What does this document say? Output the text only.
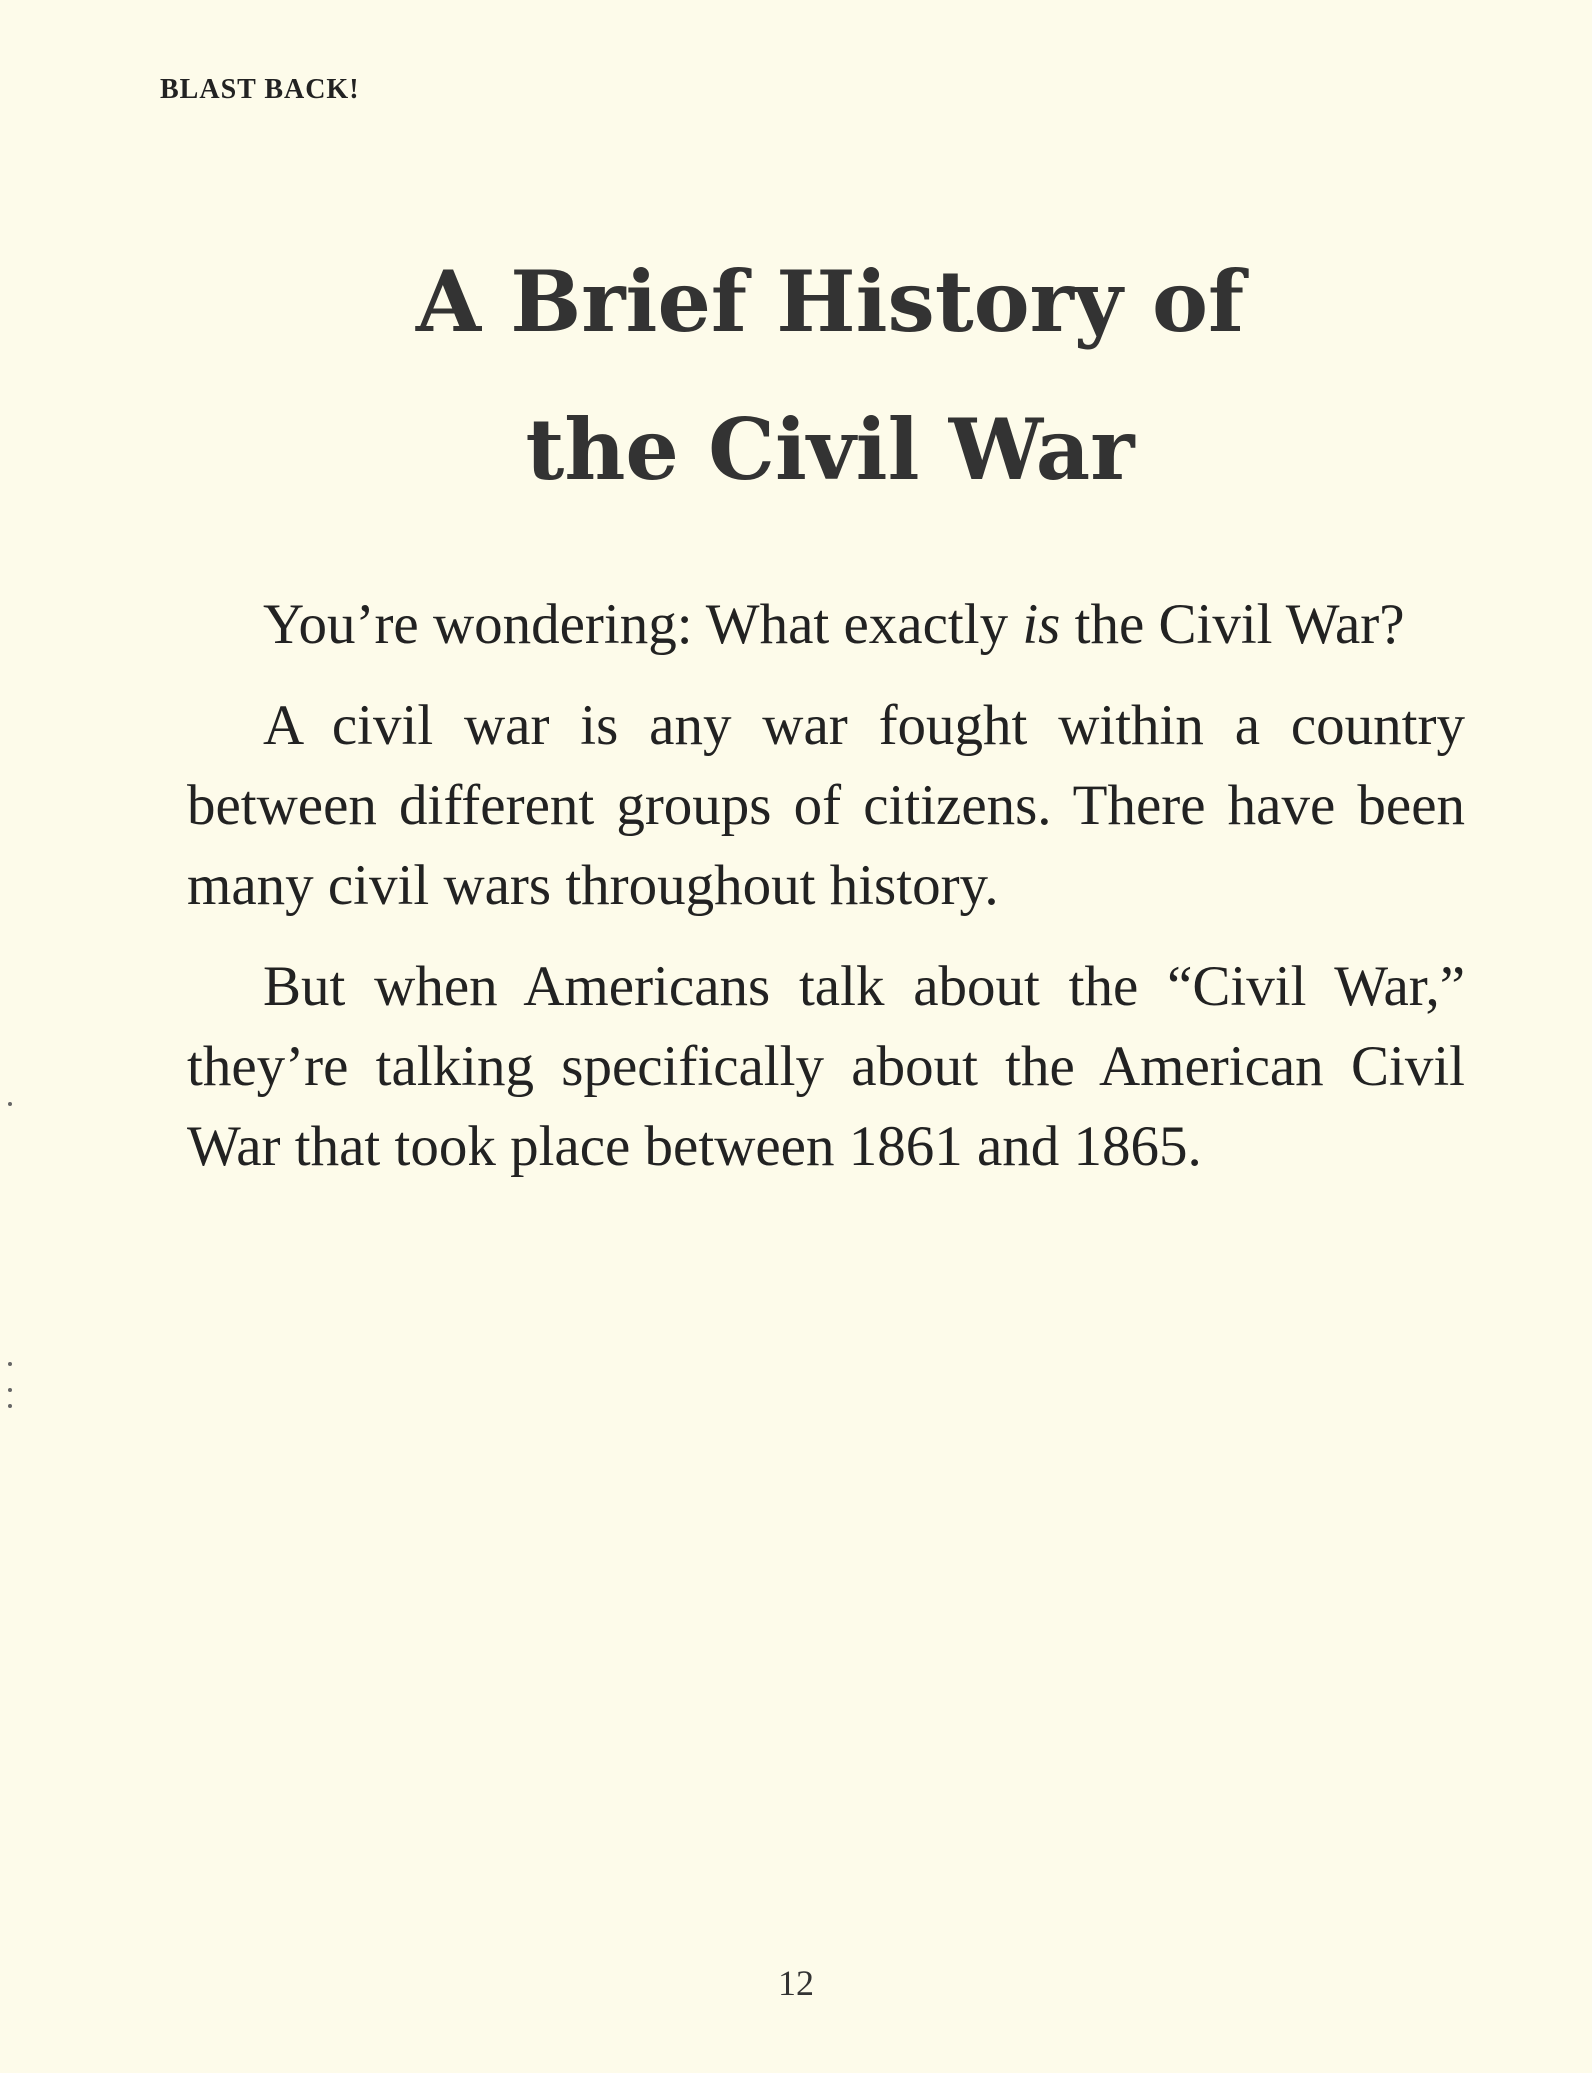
BLAST BACK!
A Brief History of
the Civil War

You’re wondering: What exactly is the Civil War?

A civil war is any war fought within a country between different groups of citizens. There have been many civil wars throughout history.

But when Americans talk about the “Civil War,” they’re talking specifically about the American Civil War that took place between 1861 and 1865.

12
